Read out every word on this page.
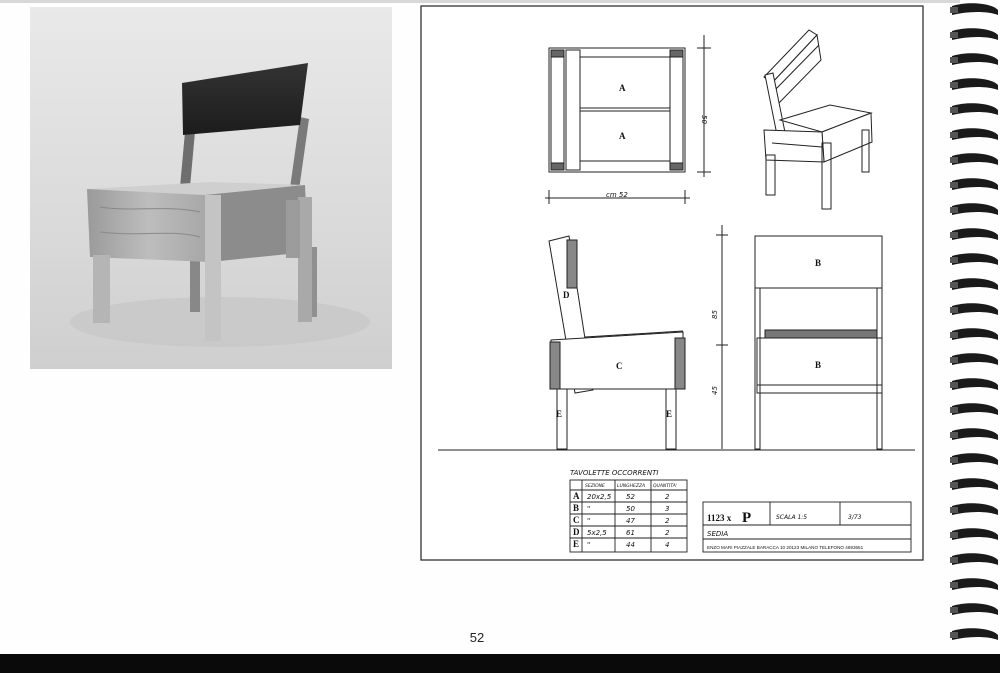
A
A
cm 52
50
D
C
E	E
85
45
B
B
TAVOLETTE OCCORRENTI
SEZIONE	LUNGHEZZA QUANTITA'
A 20x2,5 52	2
B "	50	3
C "	47	2
D 5x2,5	61	2
E "	44	4
1123 x P	SCALA 1:5	3/73
SEDIA
ENZO MARI PIAZZALE BARACCA 10 20123 MILANO TELEFONO 4693651
52
